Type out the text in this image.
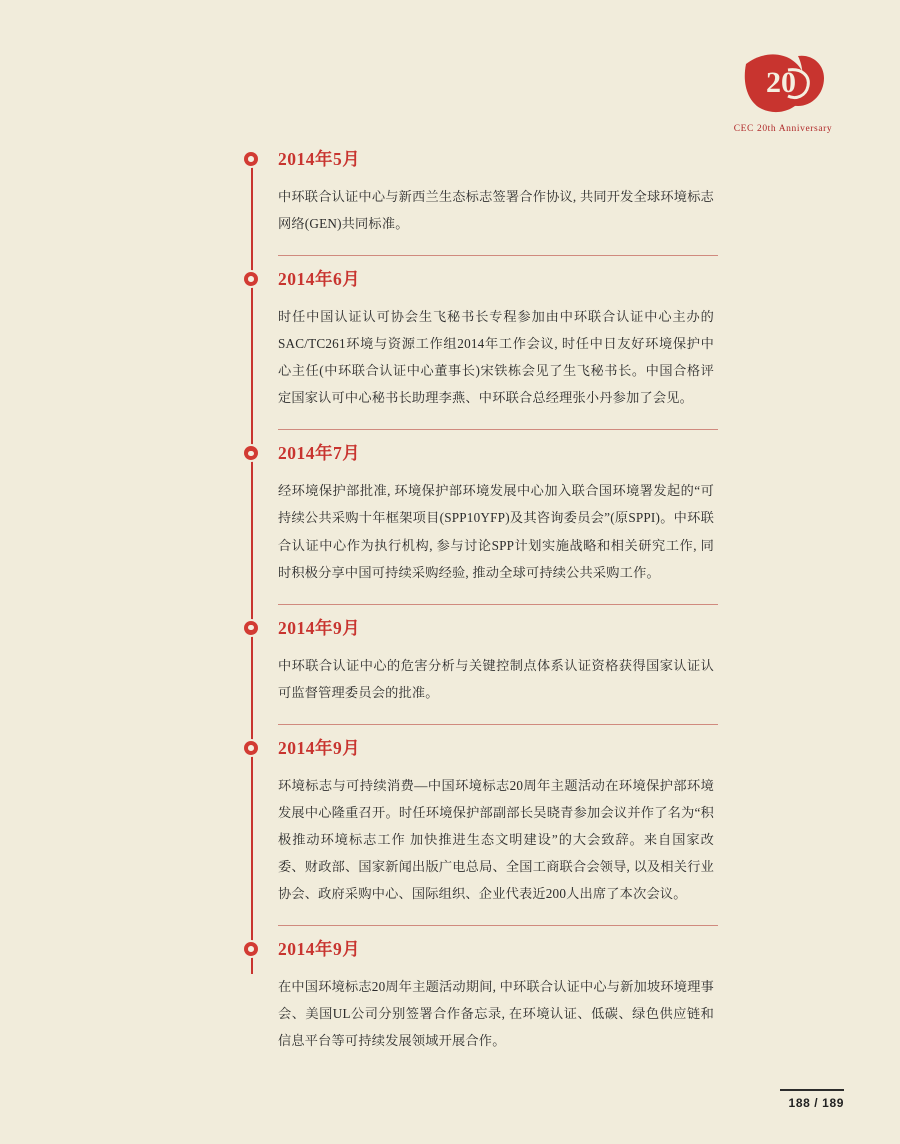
20
CEC 20th Anniversary
2014年5月

中环联合认证中心与新西兰生态标志签署合作协议, 共同开发全球环境标志网络(GEN)共同标准。

2014年6月

时任中国认证认可协会生飞秘书长专程参加由中环联合认证中心主办的SAC/TC261环境与资源工作组2014年工作会议, 时任中日友好环境保护中心主任(中环联合认证中心董事长)宋铁栋会见了生飞秘书长。中国合格评定国家认可中心秘书长助理李燕、中环联合总经理张小丹参加了会见。

2014年7月

经环境保护部批准, 环境保护部环境发展中心加入联合国环境署发起的“可持续公共采购十年框架项目(SPP10YFP)及其咨询委员会”(原SPPI)。中环联合认证中心作为执行机构, 参与讨论SPP计划实施战略和相关研究工作, 同时积极分享中国可持续采购经验, 推动全球可持续公共采购工作。

2014年9月

中环联合认证中心的危害分析与关键控制点体系认证资格获得国家认证认可监督管理委员会的批准。

2014年9月

环境标志与可持续消费—中国环境标志20周年主题活动在环境保护部环境发展中心隆重召开。时任环境保护部副部长吴晓青参加会议并作了名为“积极推动环境标志工作 加快推进生态文明建设”的大会致辞。来自国家改委、财政部、国家新闻出版广电总局、全国工商联合会领导, 以及相关行业协会、政府采购中心、国际组织、企业代表近200人出席了本次会议。

2014年9月

在中国环境标志20周年主题活动期间, 中环联合认证中心与新加坡环境理事会、美国UL公司分别签署合作备忘录, 在环境认证、低碳、绿色供应链和信息平台等可持续发展领域开展合作。

188 / 189
